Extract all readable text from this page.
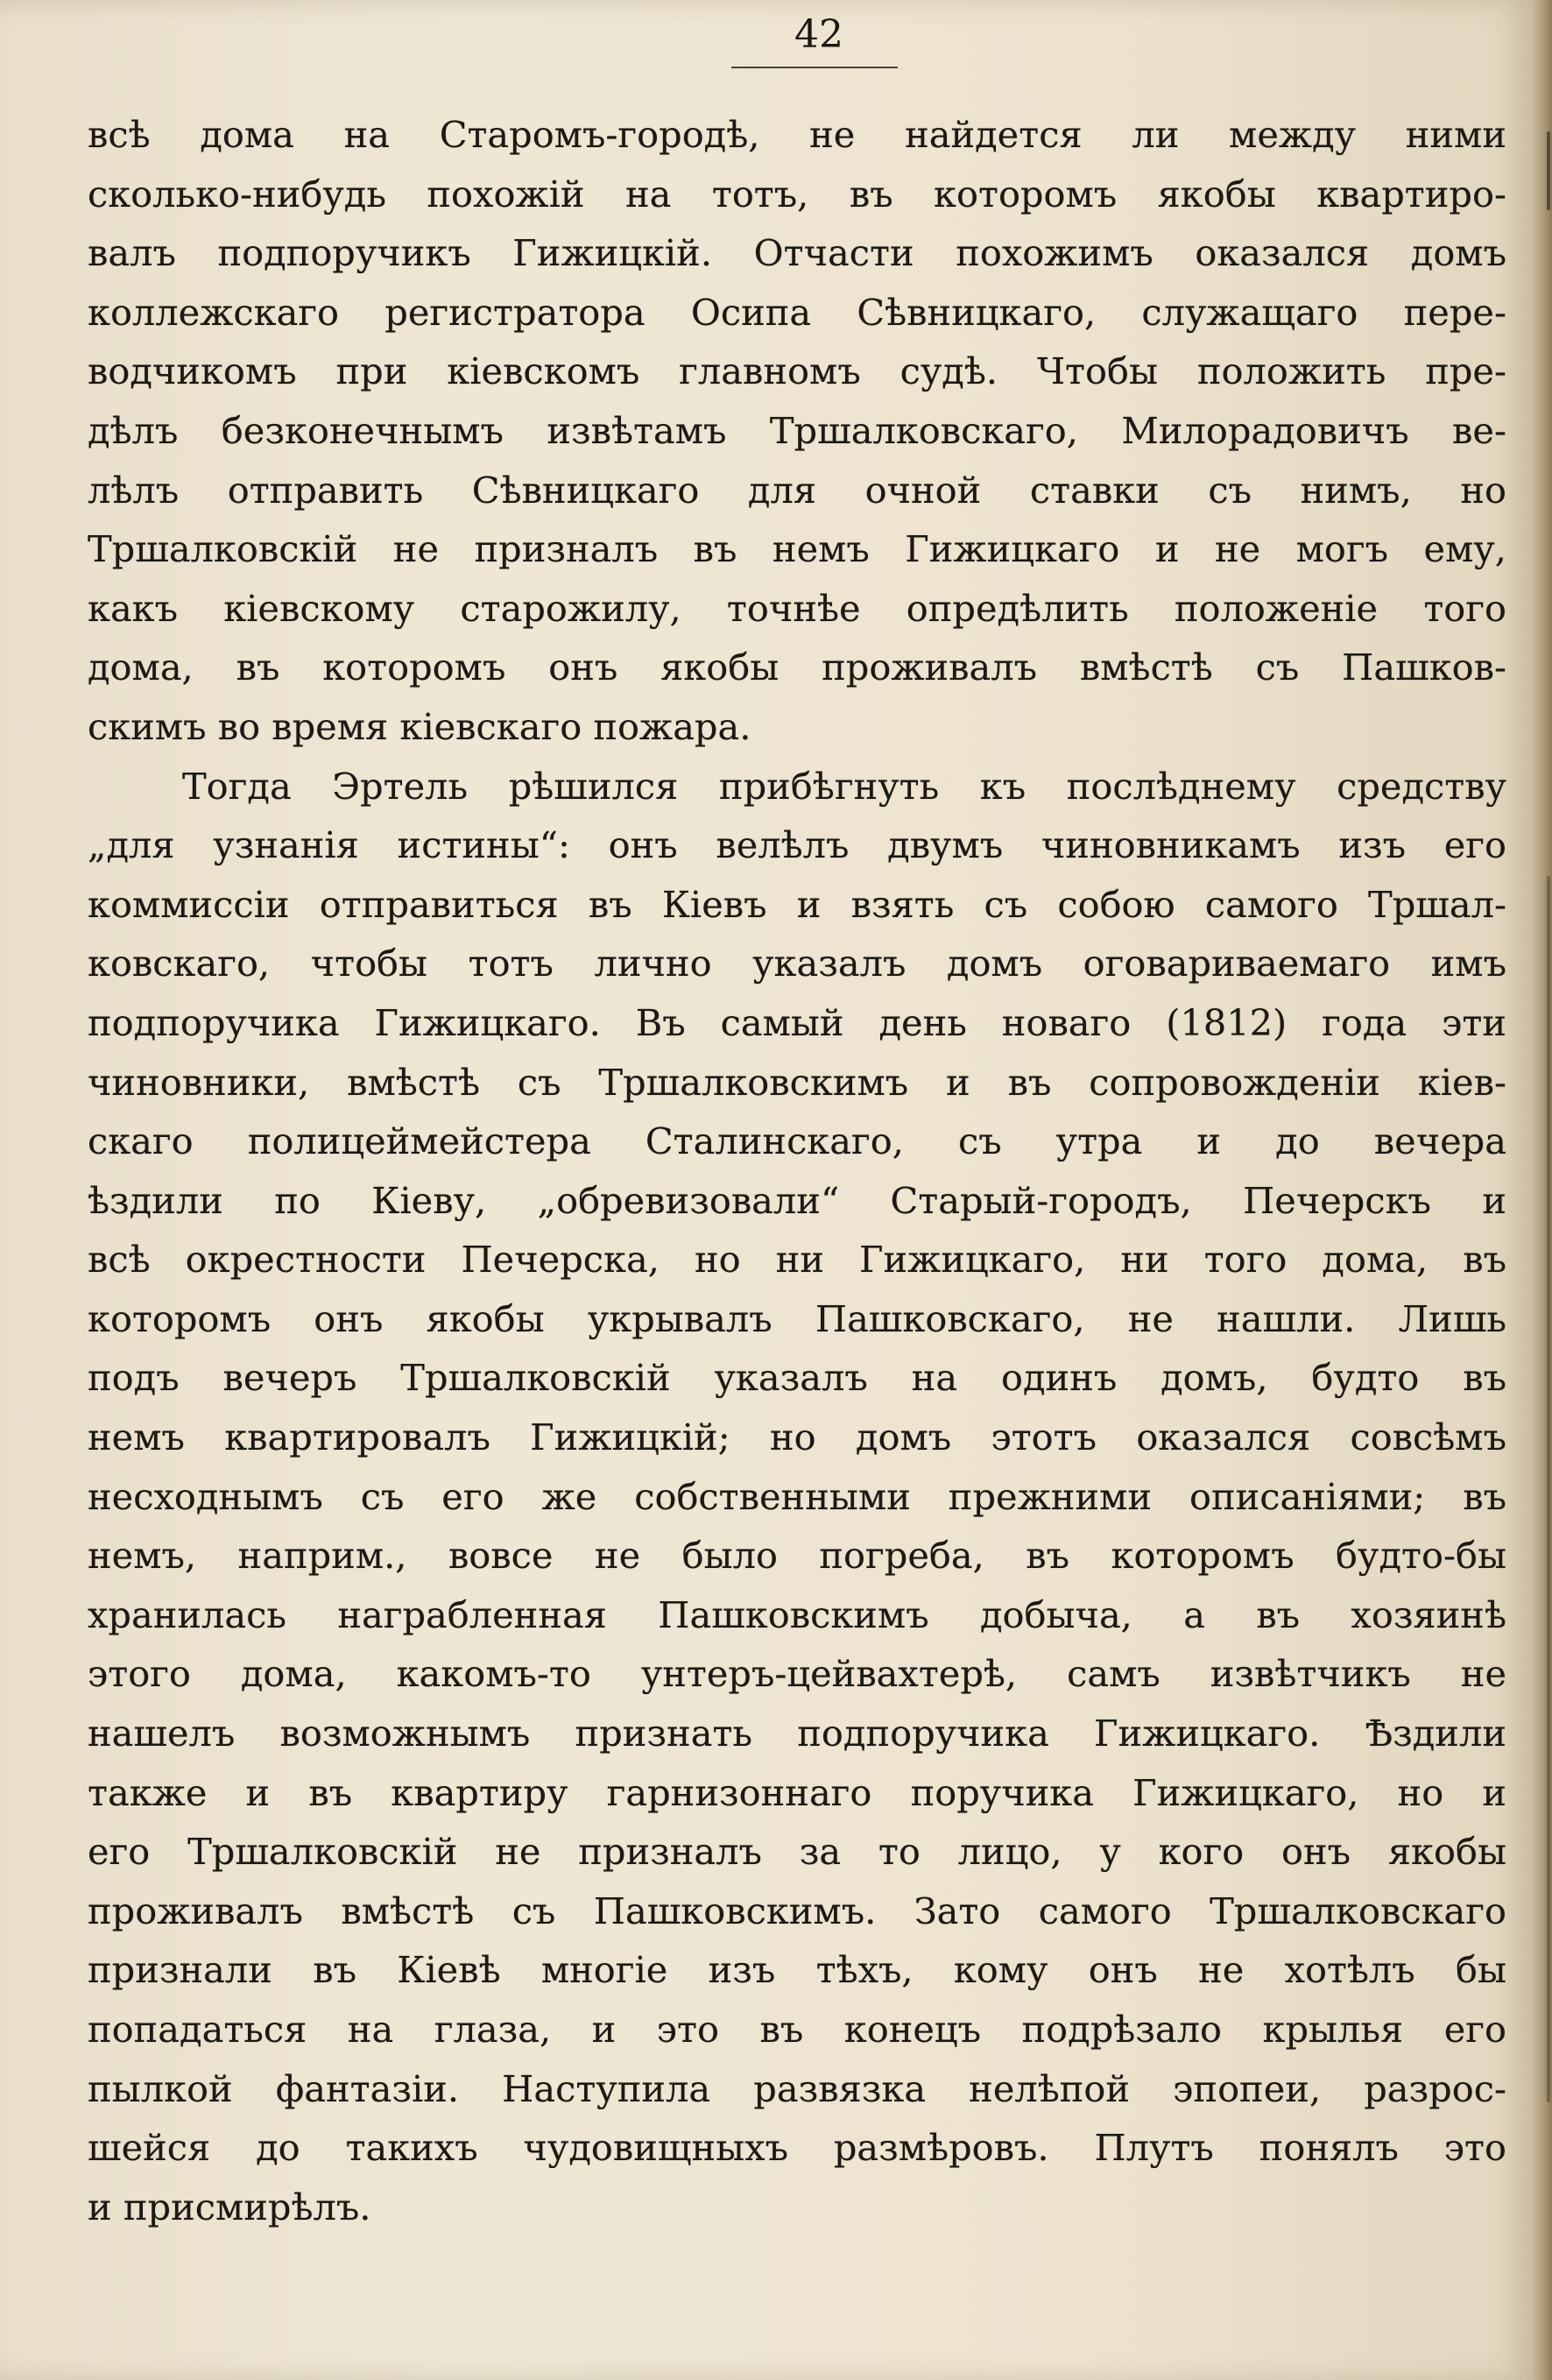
42

всѣ дома на Старомъ-городѣ, не найдется ли между ними
сколько-нибудь похожій на тотъ, въ которомъ якобы квартиро-
валъ подпоручикъ Гижицкій. Отчасти похожимъ оказался домъ
коллежскаго регистратора Осипа Сѣвницкаго, служащаго пере-
водчикомъ при кіевскомъ главномъ судѣ. Чтобы положить пре-
дѣлъ безконечнымъ извѣтамъ Тршалковскаго, Милорадовичъ ве-
лѣлъ отправить Сѣвницкаго для очной ставки съ нимъ, но
Тршалковскій не призналъ въ немъ Гижицкаго и не могъ ему,
какъ кіевскому старожилу, точнѣе опредѣлить положеніе того
дома, въ которомъ онъ якобы проживалъ вмѣстѣ съ Пашков-
скимъ во время кіевскаго пожара.

Тогда Эртель рѣшился прибѣгнуть къ послѣднему средству
„для узнанія истины“: онъ велѣлъ двумъ чиновникамъ изъ его
коммиссіи отправиться въ Кіевъ и взять съ собою самого Тршал-
ковскаго, чтобы тотъ лично указалъ домъ оговариваемаго имъ
подпоручика Гижицкаго. Въ самый день новаго (1812) года эти
чиновники, вмѣстѣ съ Тршалковскимъ и въ сопровожденіи кіев-
скаго полицеймейстера Сталинскаго, съ утра и до вечера
ѣздили по Кіеву, „обревизовали“ Старый-городъ, Печерскъ и
всѣ окрестности Печерска, но ни Гижицкаго, ни того дома, въ
которомъ онъ якобы укрывалъ Пашковскаго, не нашли. Лишь
подъ вечеръ Тршалковскій указалъ на одинъ домъ, будто въ
немъ квартировалъ Гижицкій; но домъ этотъ оказался совсѣмъ
несходнымъ съ его же собственными прежними описаніями; въ
немъ, наприм., вовсе не было погреба, въ которомъ будто-бы
хранилась награбленная Пашковскимъ добыча, а въ хозяинѣ
этого дома, какомъ-то унтеръ-цейвахтерѣ, самъ извѣтчикъ не
нашелъ возможнымъ признать подпоручика Гижицкаго. Ѣздили
также и въ квартиру гарнизоннаго поручика Гижицкаго, но и
его Тршалковскій не призналъ за то лицо, у кого онъ якобы
проживалъ вмѣстѣ съ Пашковскимъ. Зато самого Тршалковскаго
признали въ Кіевѣ многіе изъ тѣхъ, кому онъ не хотѣлъ бы
попадаться на глаза, и это въ конецъ подрѣзало крылья его
пылкой фантазіи. Наступила развязка нелѣпой эпопеи, разрос-
шейся до такихъ чудовищныхъ размѣровъ. Плутъ понялъ это
и присмирѣлъ.
